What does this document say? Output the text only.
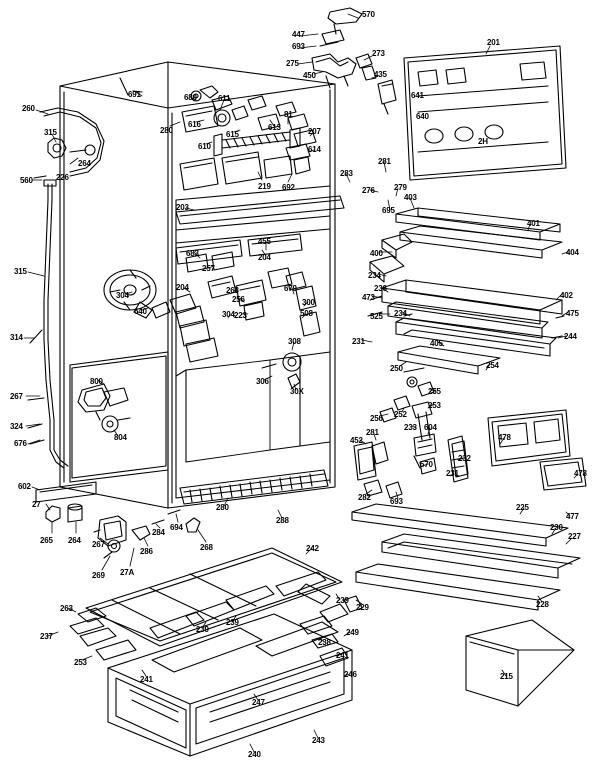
570
447
693
275
450
273
435
201
641
640
2H
260
315
560	226
264
315
314
267
324
676
602
27
265 264 267
269 27A
286
284
694
268
691
280
680
616
610
611
615
613
81
207
614
219 692
203
283
281
276 279
695
403
401
400	404
234
236
473	402
475
525 234
244
231	405
254
250
255
256 252
253
233 604
452
281
570
232
231
282 693
478
478
477
225
230
227
228
229
215
204
455
683
257
304
640
204
256
263
223
304
679
300
508
308
306
30X
800
804
288
280
242
239
239
239
263
237
253
241
238
249
241
246
247
243
240
